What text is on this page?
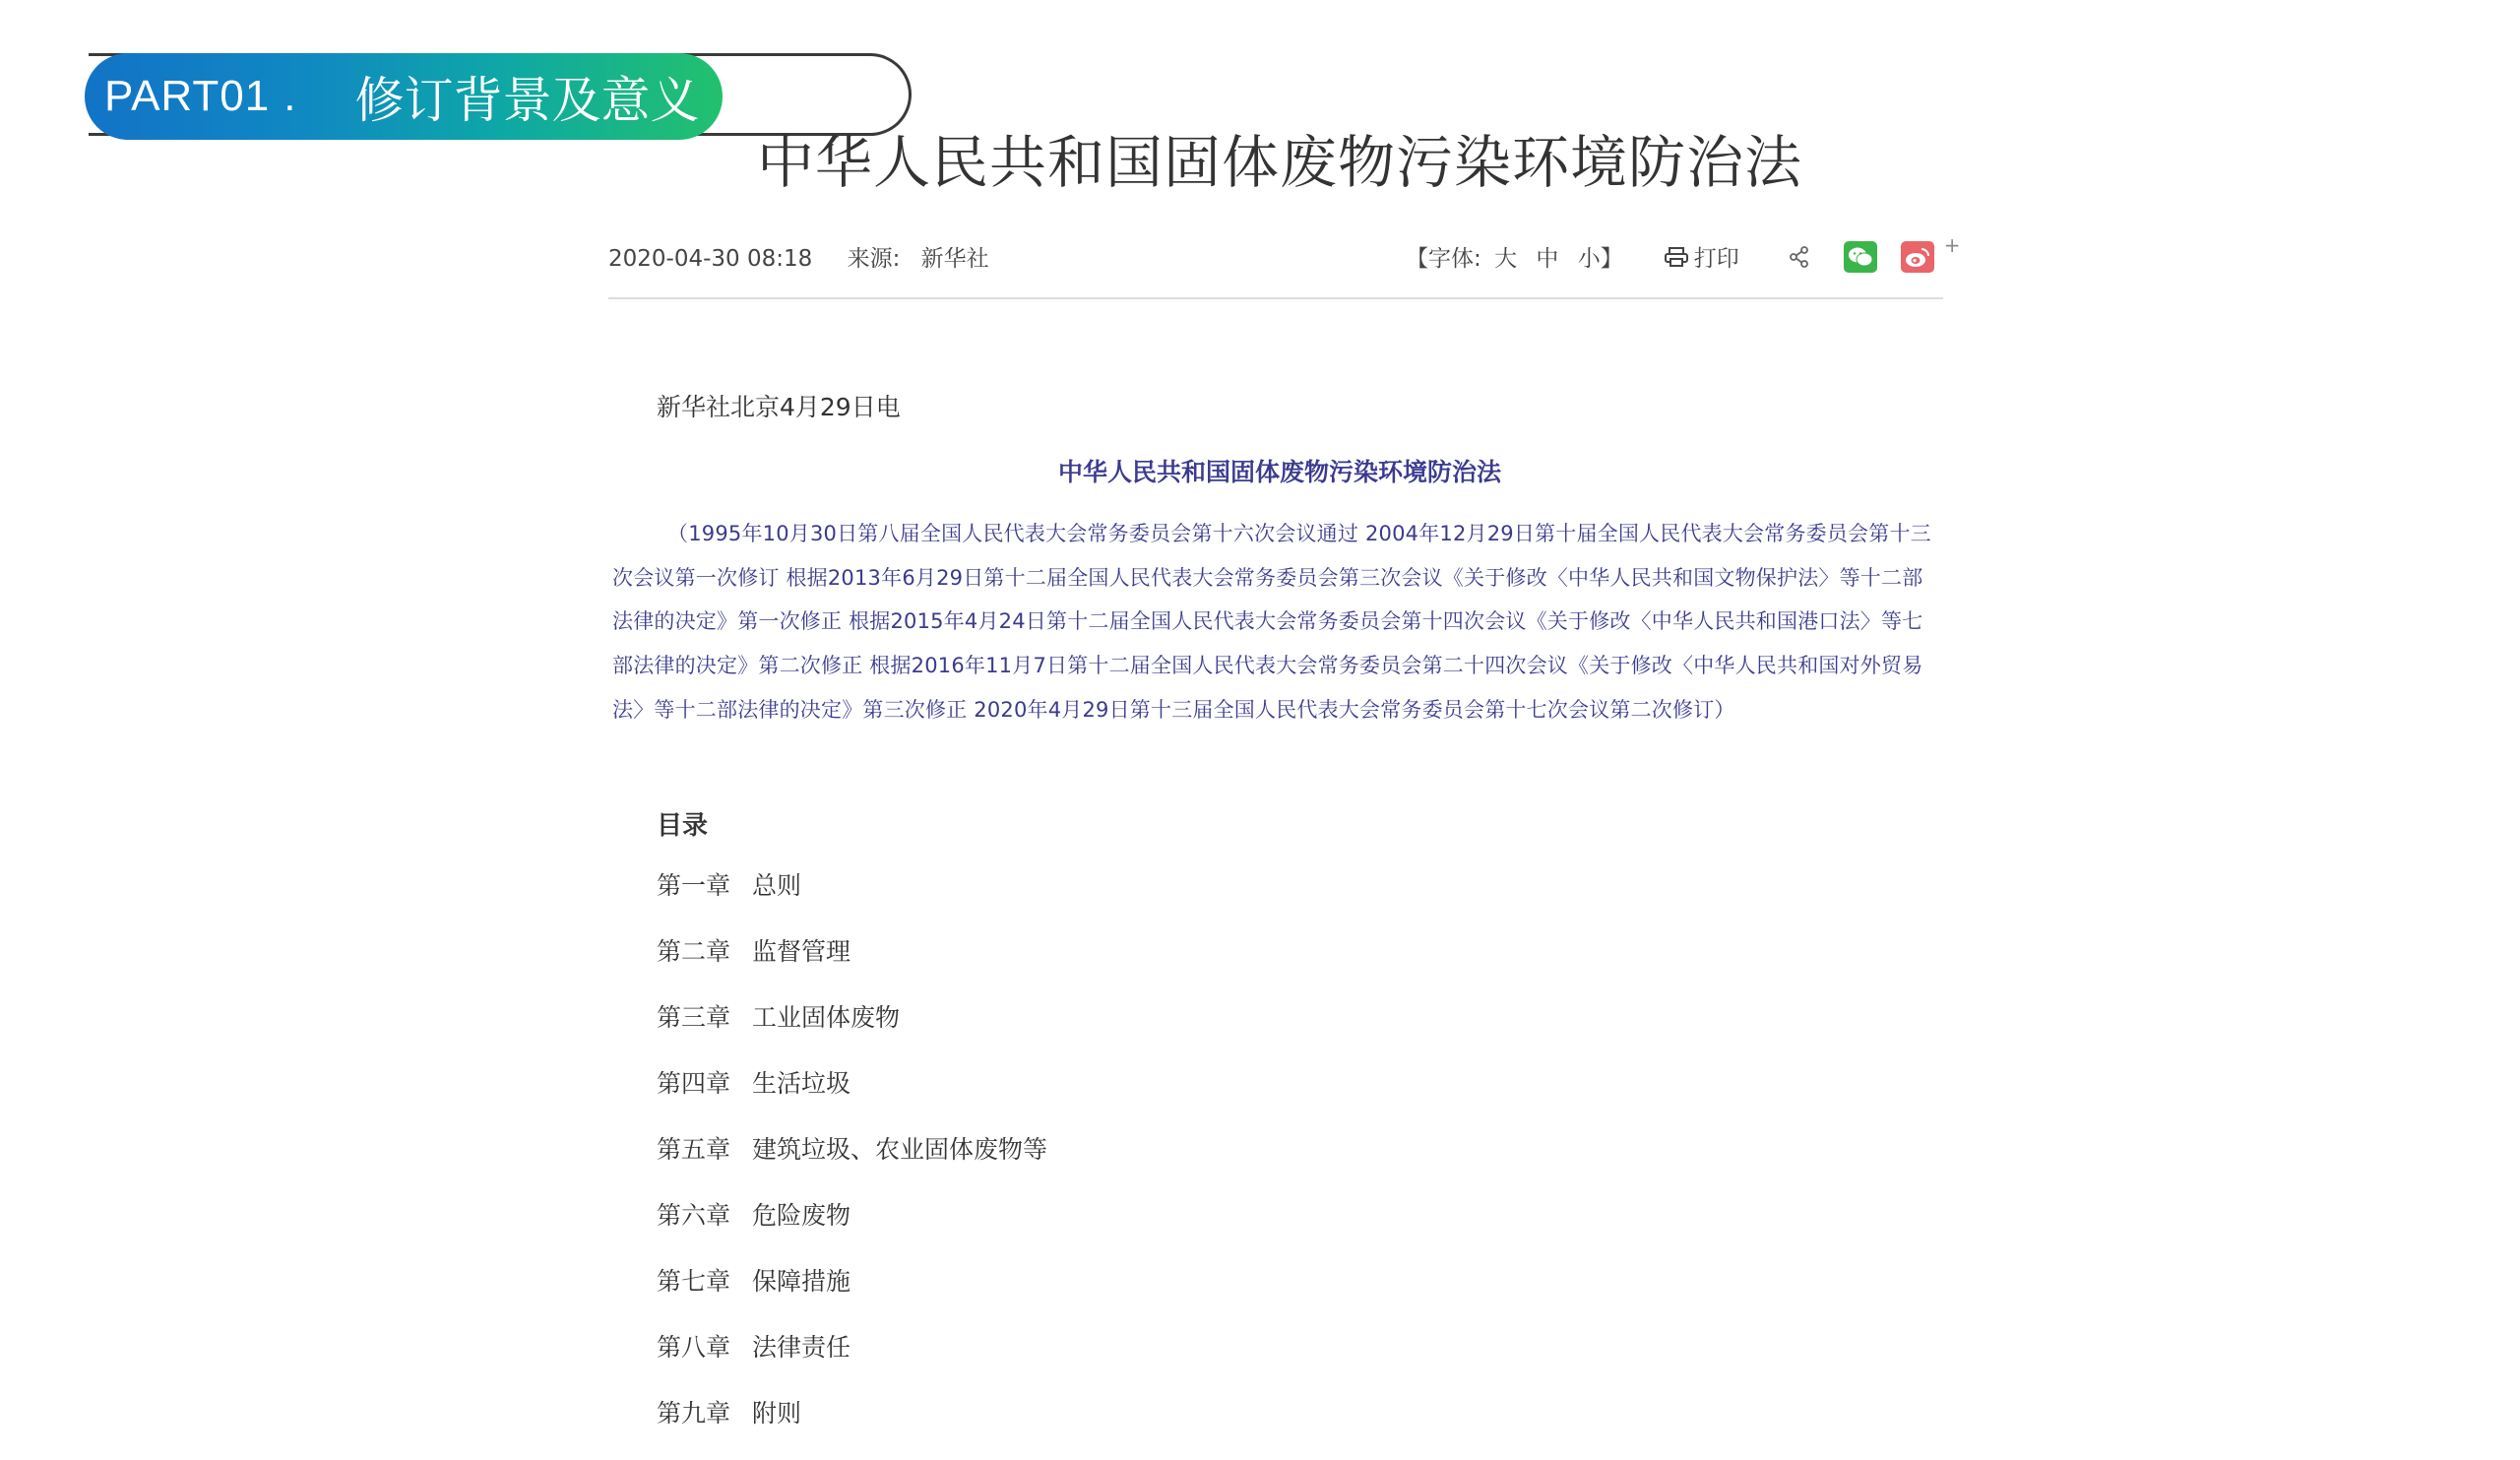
PART01 . 修订背景及意义
中华人民共和国固体废物污染环境防治法
2020-04-30 08:18 来源: 新华社	【字体: 大 中 小】	打印
+
新华社北京4月29日电
中华人民共和国固体废物污染环境防治法

（1995年10月30日第八届全国人民代表大会常务委员会第十六次会议通过 2004年12月29日第十届全国人民代表大会常务委员会第十三次会议第一次修订 根据2013年6月29日第十二届全国人民代表大会常务委员会第三次会议《关于修改〈中华人民共和国文物保护法〉等十二部法律的决定》第一次修正 根据2015年4月24日第十二届全国人民代表大会常务委员会第十四次会议《关于修改〈中华人民共和国港口法〉等七部法律的决定》第二次修正 根据2016年11月7日第十二届全国人民代表大会常务委员会第二十四次会议《关于修改〈中华人民共和国对外贸易法〉等十二部法律的决定》第三次修正 2020年4月29日第十三届全国人民代表大会常务委员会第十七次会议第二次修订）

目录
第一章 总则
第二章 监督管理
第三章 工业固体废物
第四章 生活垃圾
第五章 建筑垃圾、农业固体废物等
第六章 危险废物
第七章 保障措施
第八章 法律责任
第九章 附则
